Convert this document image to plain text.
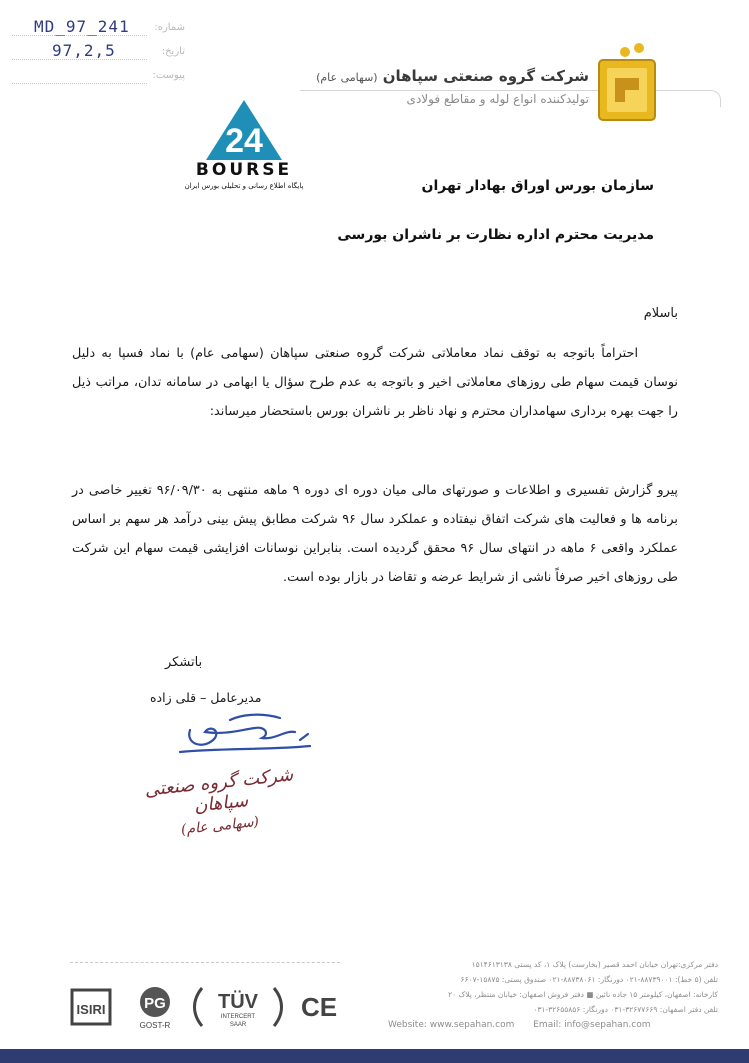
شماره:
MD_97_241
تاریخ:
97,2,5
پیوست:	شرکت گروه صنعتی سپاهان (سهامی عام)
تولیدکننده انواع لوله و مقاطع فولادی
24
BOURSE
پایگاه اطلاع رسانی و تحلیلی بورس ایران	سازمان بورس اوراق بهادار تهران
مدیریت محترم اداره نظارت بر ناشران بورسی
باسلام
احتراماً باتوجه به توقف نماد معاملاتی شرکت گروه صنعتی سپاهان (سهامی عام) با نماد فسپا به دلیل نوسان قیمت سهام طی روزهای معاملاتی اخیر و باتوجه به عدم طرح سؤال یا ابهامی در سامانه تدان، مراتب ذیل را جهت بهره برداری سهامداران محترم و نهاد ناظر بر ناشران بورس باستحضار میرساند:
پیرو گزارش تفسیری و اطلاعات و صورتهای مالی میان دوره ای دوره ۹ ماهه منتهی به ۹۶/۰۹/۳۰ تغییر خاصی در برنامه ها و فعالیت های شرکت اتفاق نیفتاده و عملکرد سال ۹۶ شرکت مطابق پیش بینی درآمد هر سهم بر اساس عملکرد واقعی ۶ ماهه در انتهای سال ۹۶ محقق گردیده است. بنابراین نوسانات افزایشی قیمت سهام این شرکت طی روزهای اخیر صرفاً ناشی از شرایط عرضه و تقاضا در بازار بوده است.
باتشکر
مدیرعامل – قلی زاده
شرکت گروه صنعتی سپاهان
(سهامی عام)
ISIRI	PG
GOST-R
TÜV
INTERCERT
SAAR
CE
دفتر مرکزی:تهران خیابان احمد قصیر (بخارست) پلاک ۱، کد پستی ۱۵۱۴۶۱۳۱۳۸
تلفن (۵ خط): ۸۸۷۳۹۰۰۱-۰۲۱ دورنگار: ۸۸۷۳۸۰۶۱-۰۲۱ صندوق پستی: ۱۵۸۷۵-۶۶۰۷
کارخانه: اصفهان، کیلومتر ۱۵ جاده نائین ■ دفتر فروش اصفهان: خیابان منتظر، پلاک ۲۰
تلفن دفتر اصفهان: ۳۲۶۷۷۶۶۹-۰۳۱ دورنگار: ۳۲۶۵۵۸۵۶-۰۳۱
Website: www.sepahan.com Email: info@sepahan.com
